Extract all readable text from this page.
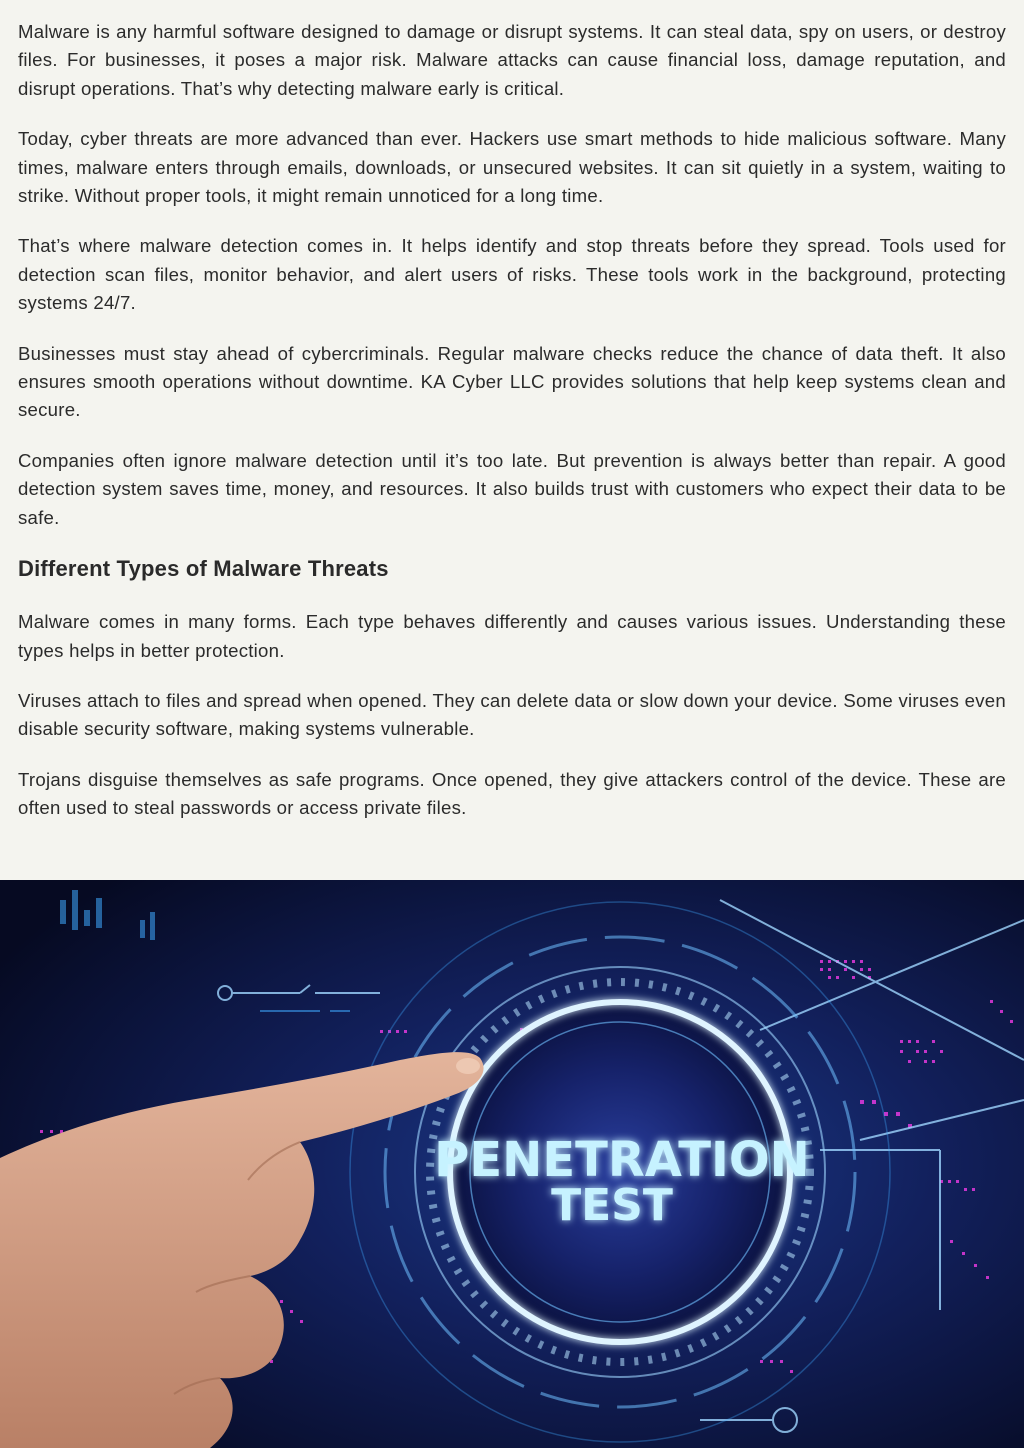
Malware is any harmful software designed to damage or disrupt systems. It can steal data, spy on users, or destroy files. For businesses, it poses a major risk. Malware attacks can cause financial loss, damage reputation, and disrupt operations. That’s why detecting malware early is critical.

Today, cyber threats are more advanced than ever. Hackers use smart methods to hide malicious software. Many times, malware enters through emails, downloads, or unsecured websites. It can sit quietly in a system, waiting to strike. Without proper tools, it might remain unnoticed for a long time.

That’s where malware detection comes in. It helps identify and stop threats before they spread. Tools used for detection scan files, monitor behavior, and alert users of risks. These tools work in the background, protecting systems 24/7.

Businesses must stay ahead of cybercriminals. Regular malware checks reduce the chance of data theft. It also ensures smooth operations without downtime. KA Cyber LLC provides solutions that help keep systems clean and secure.

Companies often ignore malware detection until it’s too late. But prevention is always better than repair. A good detection system saves time, money, and resources. It also builds trust with customers who expect their data to be safe.

Different Types of Malware Threats

Malware comes in many forms. Each type behaves differently and causes various issues. Understanding these types helps in better protection.

Viruses attach to files and spread when opened. They can delete data or slow down your device. Some viruses even disable security software, making systems vulnerable.

Trojans disguise themselves as safe programs. Once opened, they give attackers control of the device. These are often used to steal passwords or access private files.

PENETRATION
TEST
